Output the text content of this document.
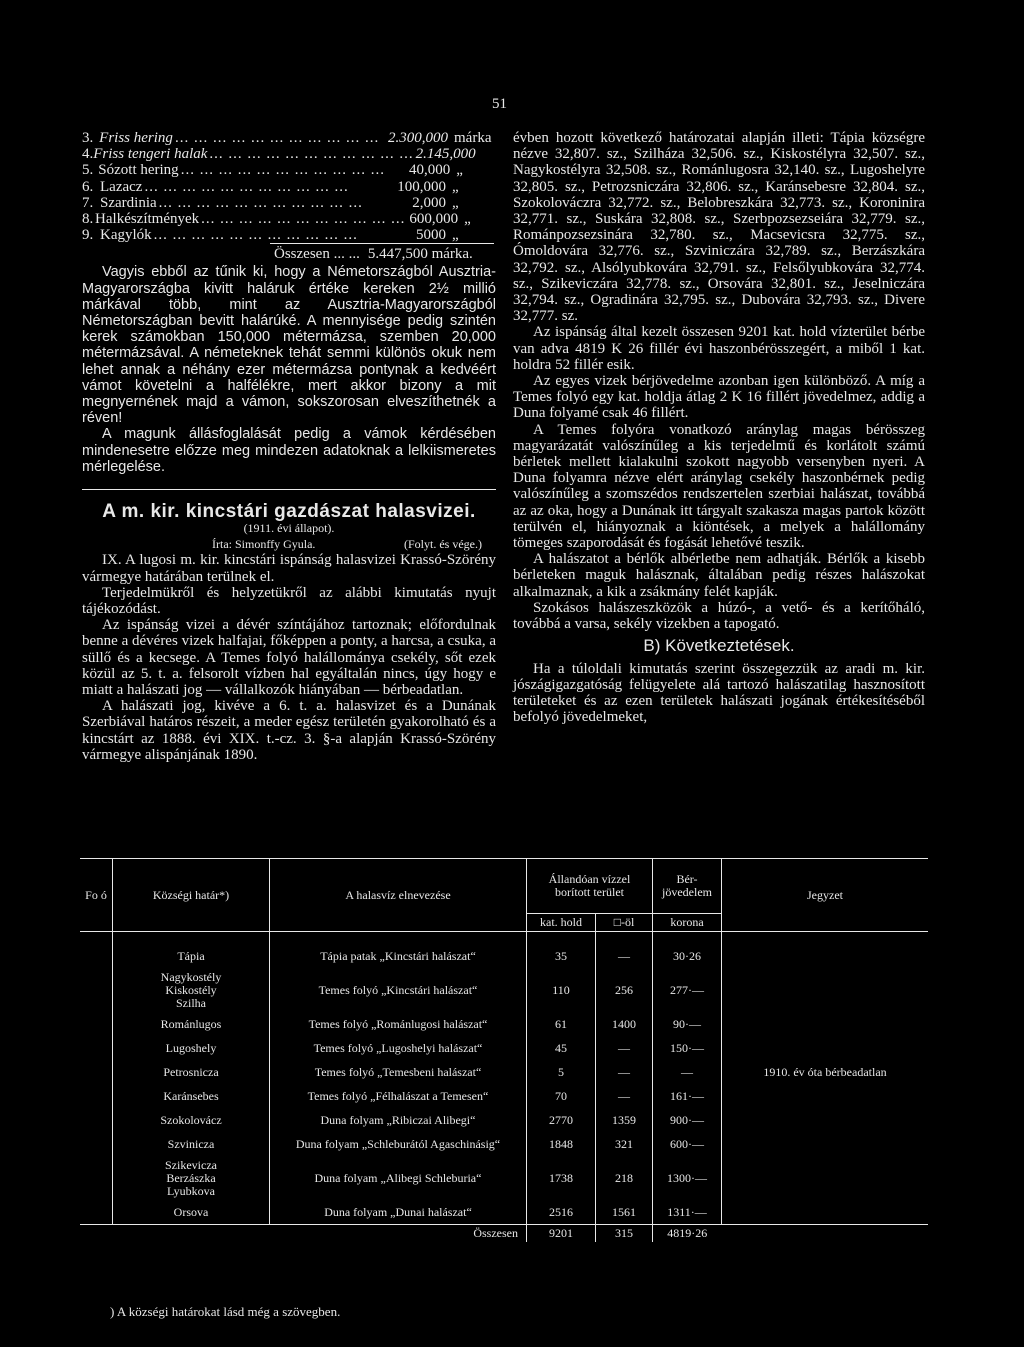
51
3. Friss hering ... ... ... ... ... ... ... ... ... ... ... 2.300,000 márka
4. Friss tengeri halak ... ... ... ... ... ... ... ... ... ... ... 2.145,000
5. Sózott hering ... ... ... ... ... ... ... ... ... ... ...	40,000 „
6. Lazacz ... ... ... ... ... ... ... ... ... ... ...	100,000 „
7. Szardinia ... ... ... ... ... ... ... ... ... ... ...	2,000 „
8. Halkészítmények ... ... ... ... ... ... ... ... ... ... ... 600,000 „
9. Kagylók ... ... ... ... ... ... ... ... ... ... ...	5000 „
Összesen ... ... 5.447,500 márka.

Vagyis ebből az tűnik ki, hogy a Németországból Ausztria-Magyarországba kivitt haláruk értéke kereken 2½ millió márkával több, mint az Ausztria-Magyarországból Németországban bevitt halárúké. A mennyisége pedig szintén kerek számokban 150,000 métermázsa, szemben 20,000 métermázsával. A németeknek tehát semmi különös okuk nem lehet annak a néhány ezer métermázsa pontynak a kedvéért vámot követelni a halfélékre, mert akkor bizony a mit megnyernének majd a vámon, sokszorosan elveszíthetnék a réven!

A magunk állásfoglalását pedig a vámok kérdésében mindenesetre előzze meg mindezen adatoknak a lelkiismeretes mérlegelése.

A m. kir. kincstári gazdászat halasvizei.
(1911. évi állapot).
Írta: Simonffy Gyula.	(Folyt. és vége.)

IX. A lugosi m. kir. kincstári ispánság halasvizei Krassó-Szörény vármegye határában terülnek el.

Terjedelmükről és helyzetükről az alábbi kimutatás nyujt tájékozódást.

Az ispánság vizei a dévér színtájához tartoznak; előfordulnak benne a dévéres vizek halfajai, főképpen a ponty, a harcsa, a csuka, a süllő és a kecsege. A Temes folyó halállománya csekély, sőt ezek közül az 5. t. a. felsorolt vízben hal egyáltalán nincs, úgy hogy e miatt a halászati jog — vállalkozók hiányában — bérbeadatlan.

A halászati jog, kivéve a 6. t. a. halasvizet és a Dunának Szerbiával határos részeit, a meder egész területén gyakorolható és a kincstárt az 1888. évi XIX. t.-cz. 3. §-a alapján Krassó-Szörény vármegye alispánjának 1890.

évben hozott következő határozatai alapján illeti: Tápia községre nézve 32,807. sz., Szilháza 32,506. sz., Kiskostélyra 32,507. sz., Nagykostélyra 32,508. sz., Románlugosra 32,140. sz., Lugoshelyre 32,805. sz., Petrozsniczára 32,806. sz., Karánsebesre 32,804. sz., Szokolováczra 32,772. sz., Belobreszkára 32,773. sz., Koroninira 32,771. sz., Suskára 32,808. sz., Szerbpozsezseiára 32,779. sz., Románpozsezsinára 32,780. sz., Macsevicsra 32,775. sz., Ómoldovára 32,776. sz., Szviniczára 32,789. sz., Berzászkára 32,792. sz., Alsólyubkovára 32,791. sz., Felsőlyubkovára 32,774. sz., Szikeviczára 32,778. sz., Orsovára 32,801. sz., Jeselniczára 32,794. sz., Ogradinára 32,795. sz., Dubovára 32,793. sz., Divere 32,777. sz.

Az ispánság által kezelt összesen 9201 kat. hold vízterület bérbe van adva 4819 K 26 fillér évi haszonbérösszegért, a miből 1 kat. holdra 52 fillér esik.

Az egyes vizek bérjövedelme azonban igen különböző. A míg a Temes folyó egy kat. holdja átlag 2 K 16 fillért jövedelmez, addig a Duna folyamé csak 46 fillért.

A Temes folyóra vonatkozó aránylag magas bérösszeg magyarázatát valószínűleg a kis terjedelmű és korlátolt számú bérletek mellett kialakulni szokott nagyobb versenyben nyeri. A Duna folyamra nézve elért aránylag csekély haszonbérnek pedig valószínűleg a szomszédos rendszertelen szerbiai halászat, továbbá az az oka, hogy a Dunának itt tárgyalt szakasza magas partok között terülvén el, hiányoznak a kiöntések, a melyek a halállomány tömeges szaporodását és fogását lehetővé teszik.

A halászatot a bérlők albérletbe nem adhatják. Bérlők a kisebb bérleteken maguk halásznak, általában pedig részes halászokat alkalmaznak, a kik a zsákmány felét kapják.

Szokásos halászeszközök a húzó-, a vető- és a kerítőháló, továbbá a varsa, sekély vizekben a tapogató.

B) Következtetések.

Ha a túloldali kimutatás szerint összegezzük az aradi m. kir. jószágigazgatóság felügyelete alá tartozó halászatilag hasznosított területeket és az ezen területek halászati jogának értékesítéséből befolyó jövedelmeket,

Fo ó	Községi határ*)	A halasvíz elnevezése	Állandóan vízzel borított terület		Bér- jövedelem	Jegyzet
			kat. hold	□-öl	korona	
	Tápia	Tápia patak „Kincstári halászat“	35	—	30·26	
	Nagykostély Kiskostély Szilha	Temes folyó „Kincstári halászat“	110	256	277·—	
	Románlugos	Temes folyó „Románlugosi halászat“	61	1400	90·—	
	Lugoshely	Temes folyó „Lugoshelyi halászat“	45	—	150·—	
	Petrosnicza	Temes folyó „Temesbeni halászat“	5	—	—	1910. év óta bérbeadatlan
	Karánsebes	Temes folyó „Félhalászat a Temesen“	70	—	161·—	
	Szokolovácz	Duna folyam „Ribiczai Alibegi“	2770	1359	900·—	
	Szvinicza	Duna folyam „Schleburától Agaschinásig“	1848	321	600·—	
	Szikevicza Berzászka Lyubkova	Duna folyam „Alibegi Schleburia“	1738	218	1300·—	
	Orsova	Duna folyam „Dunai halászat“	2516	1561	1311·—	
		Összesen	9201	315	4819·26	
) A községi határokat lásd még a szövegben.
